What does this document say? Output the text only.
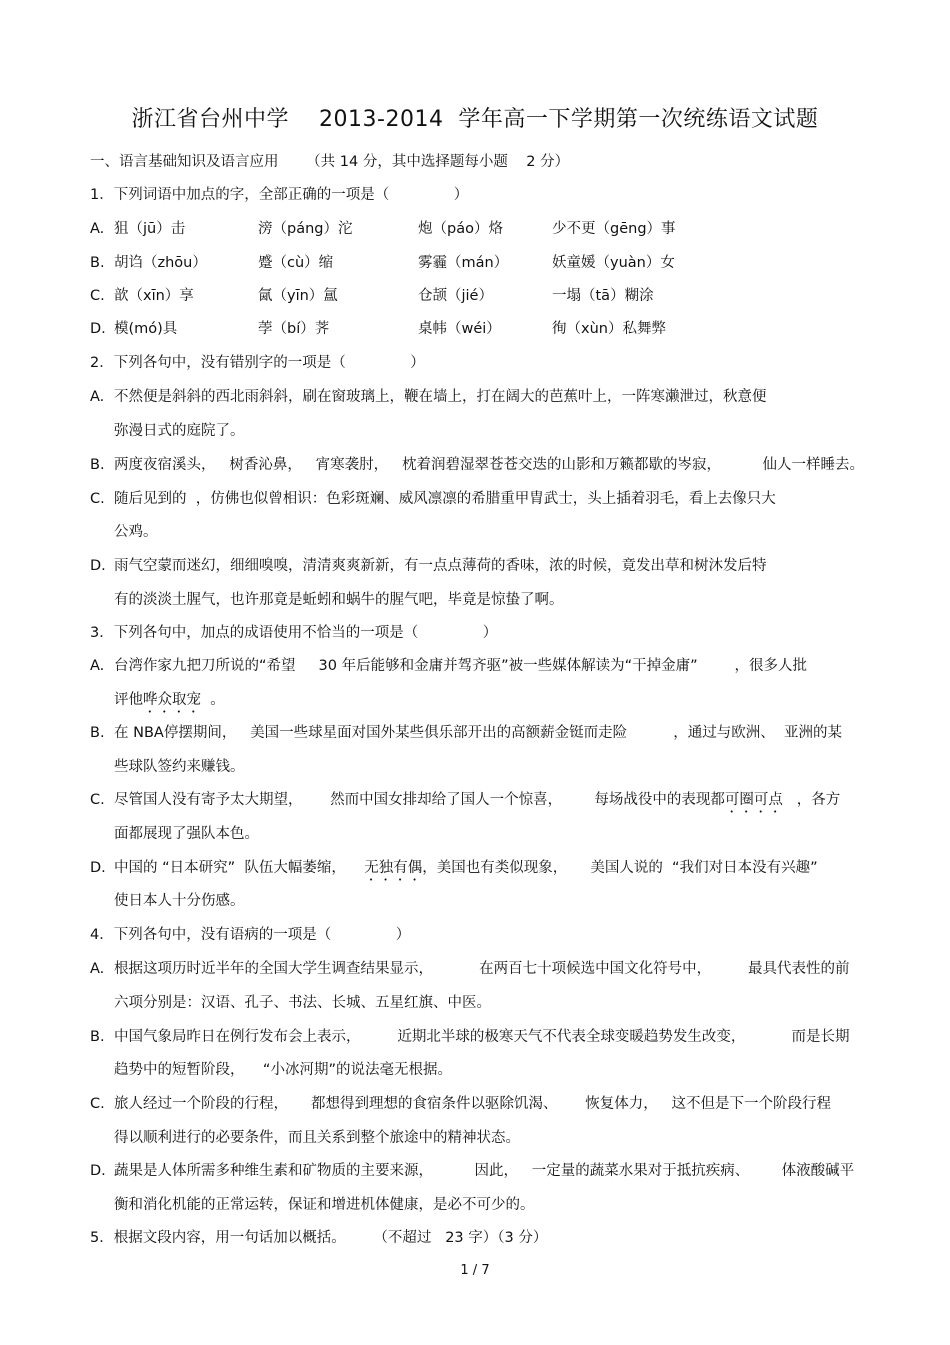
浙江省台州中学    2013-2014  学年高一下学期第一次统练语文试题
一、语言基础知识及语言应用      （共 14 分，其中选择题每小题    2 分）
1．下列词语中加点的字，全部正确的一项是（              ）

A.

狙（jū）击

	滂（páng）沱

	炮（páo）烙

	少不更（gēng）事

B.

胡诌（zhōu）

	蹙（cù）缩

	雾霾（mán）

	妖童媛（yuàn）女

C.

歆（xīn）享

	氤（yīn）氲

	仓颉（jié）

	一塌（tā）糊涂

D.

模(mó)具

	荸（bí）荠

	桌帏（wéi）

	徇（xùn）私舞弊

2．下列各句中，没有错别字的一项是（              ）
A. 不然便是斜斜的西北雨斜斜，刷在窗玻璃上，鞭在墙上，打在阔大的芭蕉叶上，一阵寒濑泄过，秋意便
弥漫日式的庭院了。
B. 两度夜宿溪头，   树香沁鼻，   宵寒袭肘，   枕着润碧湿翠苍苍交迭的山影和万籁都歇的岑寂，         仙人一样睡去。
C. 随后见到的  ，仿佛也似曾相识：色彩斑斓、威风凛凛的希腊重甲胄武士，头上插着羽毛，看上去像只大
公鸡。
D. 雨气空蒙而迷幻，细细嗅嗅，清清爽爽新新，有一点点薄荷的香味，浓的时候，竟发出草和树沐发后特
有的淡淡土腥气，也许那竟是蚯蚓和蜗牛的腥气吧，毕竟是惊蛰了啊。
3．下列各句中，加点的成语使用不恰当的一项是（              ）
A. 台湾作家九把刀所说的“希望     30 年后能够和金庸并驾齐驱”被一些媒体解读为“干掉金庸”        ，很多人批
评他哗众取宠  。
B. 在 NBA停摆期间，   美国一些球星面对国外某些俱乐部开出的高额薪金铤而走险          ，通过与欧洲、  亚洲的某
些球队签约来赚钱。
C. 尽管国人没有寄予太大期望，      然而中国女排却给了国人一个惊喜，       每场战役中的表现都可圈可点   ，各方
面都展现了强队本色。
D. 中国的 “日本研究”  队伍大幅萎缩，    无独有偶，美国也有类似现象，     美国人说的  “我们对日本没有兴趣”
使日本人十分伤感。
4．下列各句中，没有语病的一项是（              ）
A. 根据这项历时近半年的全国大学生调查结果显示，          在两百七十项候选中国文化符号中，        最具代表性的前
六项分别是：汉语、孔子、书法、长城、五星红旗、中医。
B. 中国气象局昨日在例行发布会上表示，        近期北半球的极寒天气不代表全球变暖趋势发生改变，          而是长期
趋势中的短暂阶段，    “小冰河期”的说法毫无根据。
C. 旅人经过一个阶段的行程，     都想得到理想的食宿条件以驱除饥渴、      恢复体力，   这不但是下一个阶段行程
得以顺利进行的必要条件，而且关系到整个旅途中的精神状态。
D. 蔬果是人体所需多种维生素和矿物质的主要来源，         因此，   一定量的蔬菜水果对于抵抗疾病、       体液酸碱平
衡和消化机能的正常运转，保证和增进机体健康，是必不可少的。
5．根据文段内容，用一句话加以概括。      （不超过   23 字）（3 分）
1 / 7
